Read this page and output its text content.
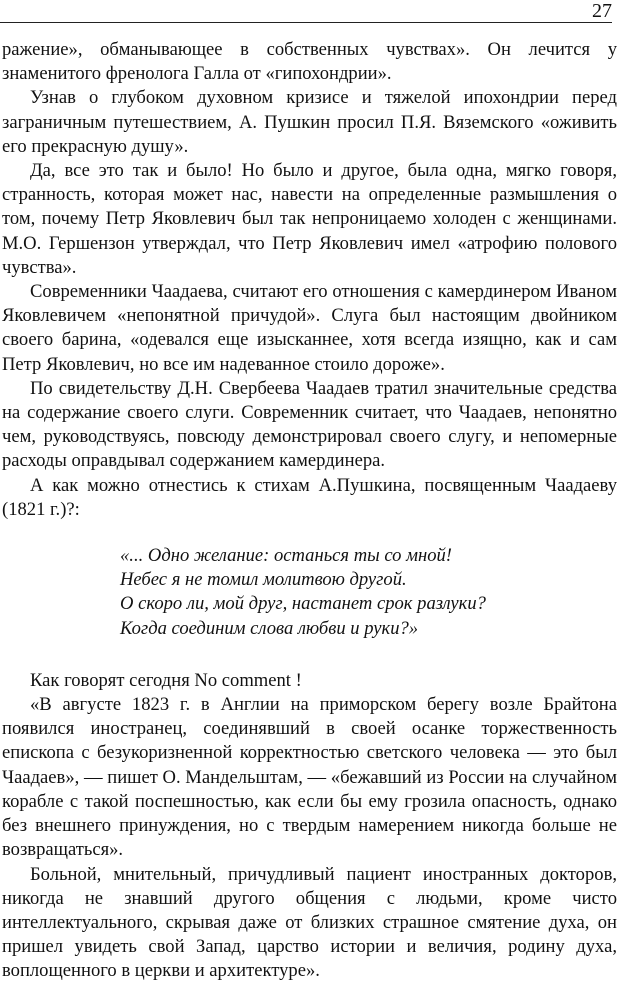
27

ражение», обманывающее в собственных чувствах». Он лечится у знаменитого френолога Галла от «гипохондрии».

Узнав о глубоком духовном кризисе и тяжелой ипохондрии перед заграничным путешествием, А. Пушкин просил П.Я. Вяземского «оживить его прекрасную душу».

Да, все это так и было! Но было и другое, была одна, мягко говоря, странность, которая может нас, навести на определенные размышления о том, почему Петр Яковлевич был так непроницаемо холоден с женщинами. М.О. Гершензон утверждал, что Петр Яковлевич имел «атрофию полового чувства».

Современники Чаадаева, считают его отношения с камердинером Иваном Яковлевичем «непонятной причудой». Слуга был настоящим двойником своего барина, «одевался еще изысканнее, хотя всегда изящно, как и сам Петр Яковлевич, но все им надеванное стоило дороже».

По свидетельству Д.Н. Свербеева Чаадаев тратил значительные средства на содержание своего слуги. Современник считает, что Чаадаев, непонятно чем, руководствуясь, повсюду демонстрировал своего слугу, и непомерные расходы оправдывал содержанием камердинера.

А как можно отнестись к стихам А.Пушкина, посвященным Чаадаеву (1821 г.)?:

«... Одно желание: останься ты со мной!
Небес я не томил молитвою другой.
О скоро ли, мой друг, настанет срок разлуки?
Когда соединим слова любви и руки?»

Как говорят сегодня No comment !

«В августе 1823 г. в Англии на приморском берегу возле Брайтона появился иностранец, соединявший в своей осанке торжественность епископа с безукоризненной корректностью светского человека — это был Чаадаев», — пишет О. Мандельштам, — «бежавший из России на случайном корабле с такой поспешностью, как если бы ему грозила опасность, однако без внешнего принуждения, но с твердым намерением никогда больше не возвращаться».

Больной, мнительный, причудливый пациент иностранных докторов, никогда не знавший другого общения с людьми, кроме чисто интеллектуального, скрывая даже от близких страшное смятение духа, он пришел увидеть свой Запад, царство истории и величия, родину духа, воплощенного в церкви и архитектуре».
